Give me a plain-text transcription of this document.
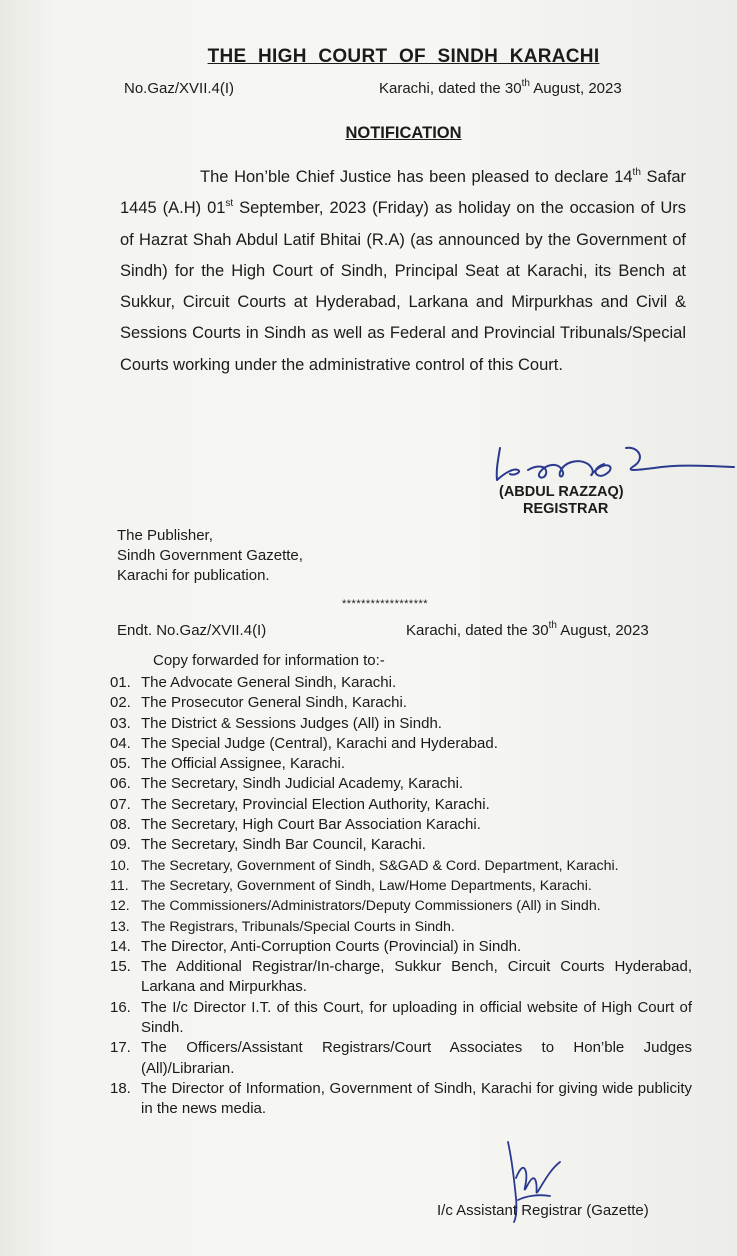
THE HIGH COURT OF SINDH KARACHI
No.Gaz/XVII.4(I)	Karachi, dated the 30th August, 2023
NOTIFICATION

The Hon’ble Chief Justice has been pleased to declare 14th Safar 1445 (A.H) 01st September, 2023 (Friday) as holiday on the occasion of Urs of Hazrat Shah Abdul Latif Bhitai (R.A) (as announced by the Government of Sindh) for the High Court of Sindh, Principal Seat at Karachi, its Bench at Sukkur, Circuit Courts at Hyderabad, Larkana and Mirpurkhas and Civil & Sessions Courts in Sindh as well as Federal and Provincial Tribunals/Special Courts working under the administrative control of this Court.

(ABDUL RAZZAQ)
REGISTRAR
The Publisher,
Sindh Government Gazette,
Karachi for publication.
******************
Endt. No.Gaz/XVII.4(I)	Karachi, dated the 30th August, 2023
Copy forwarded for information to:-
01. The Advocate General Sindh, Karachi.
02. The Prosecutor General Sindh, Karachi.
03. The District & Sessions Judges (All) in Sindh.
04. The Special Judge (Central), Karachi and Hyderabad.
05. The Official Assignee, Karachi.
06. The Secretary, Sindh Judicial Academy, Karachi.
07. The Secretary, Provincial Election Authority, Karachi.
08. The Secretary, High Court Bar Association Karachi.
09. The Secretary, Sindh Bar Council, Karachi.
10. The Secretary, Government of Sindh, S&GAD & Cord. Department, Karachi.
11. The Secretary, Government of Sindh, Law/Home Departments, Karachi.
12. The Commissioners/Administrators/Deputy Commissioners (All) in Sindh.
13. The Registrars, Tribunals/Special Courts in Sindh.
14. The Director, Anti-Corruption Courts (Provincial) in Sindh.
15. The Additional Registrar/In-charge, Sukkur Bench, Circuit Courts Hyderabad, Larkana and Mirpurkhas.
16. The I/c Director I.T. of this Court, for uploading in official website of High Court of Sindh.
17. The Officers/Assistant Registrars/Court Associates to Hon’ble Judges (All)/Librarian.
18. The Director of Information, Government of Sindh, Karachi for giving wide publicity in the news media.
I/c Assistant Registrar (Gazette)
